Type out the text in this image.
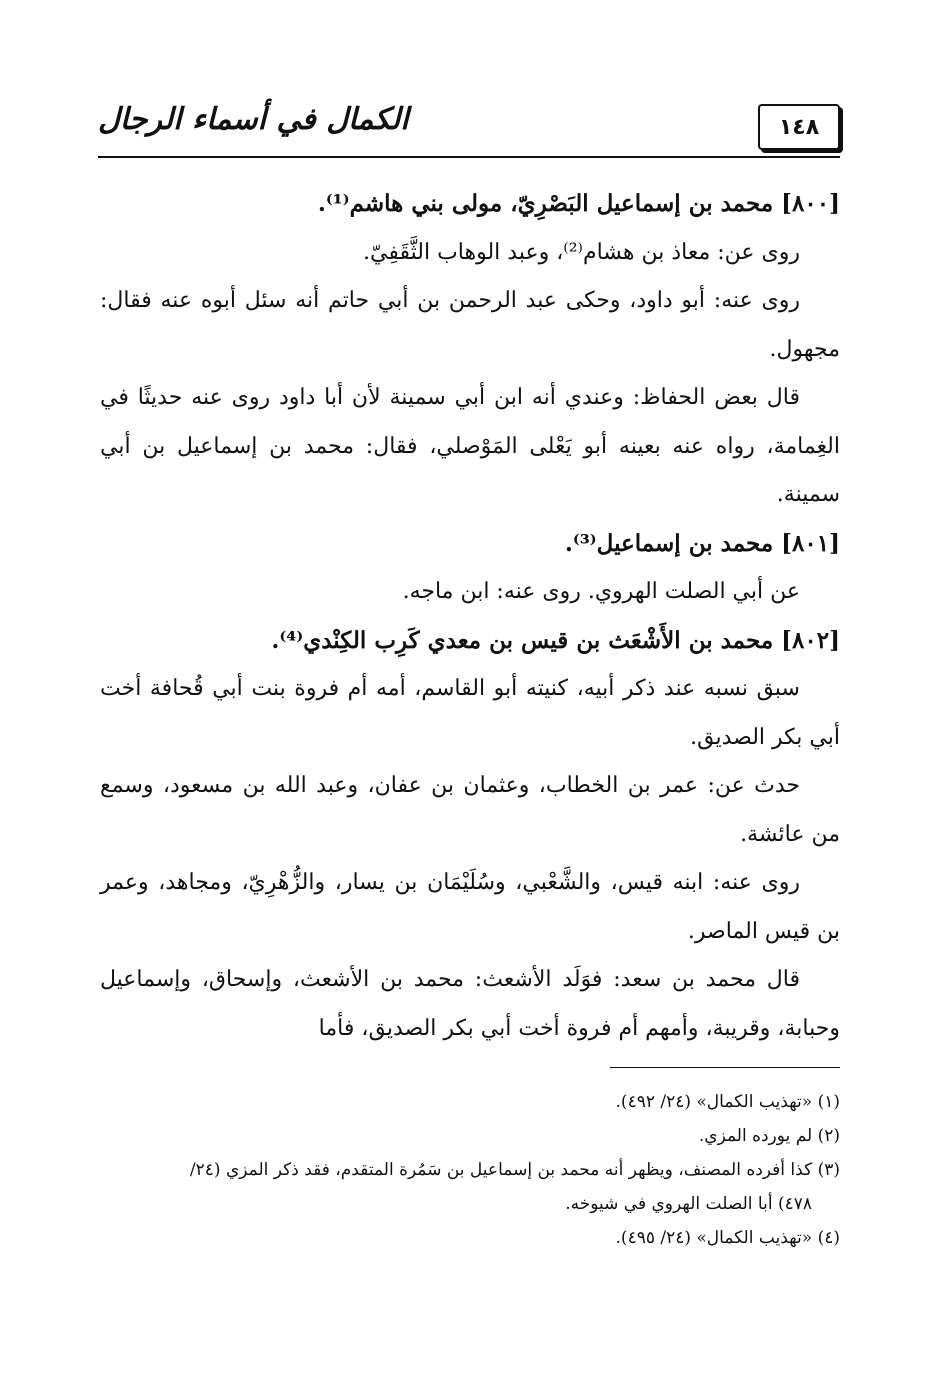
١٤٨
الكمال في أسماء الرجال

[٨٠٠] محمد بن إسماعيل البَصْرِيّ، مولى بني هاشم⁽¹⁾.

روى عن: معاذ بن هشام⁽²⁾، وعبد الوهاب الثَّقَفِيّ.

روى عنه: أبو داود، وحكى عبد الرحمن بن أبي حاتم أنه سئل أبوه عنه فقال: مجهول.

قال بعض الحفاظ: وعندي أنه ابن أبي سمينة لأن أبا داود روى عنه حديثًا في الغِمامة، رواه عنه بعينه أبو يَعْلى المَوْصلي، فقال: محمد بن إسماعيل بن أبي سمينة.

[٨٠١] محمد بن إسماعيل⁽³⁾.

عن أبي الصلت الهروي. روى عنه: ابن ماجه.

[٨٠٢] محمد بن الأَشْعَث بن قيس بن معدي كَرِب الكِنْدي⁽⁴⁾.

سبق نسبه عند ذكر أبيه، كنيته أبو القاسم، أمه أم فروة بنت أبي قُحافة أخت أبي بكر الصديق.

حدث عن: عمر بن الخطاب، وعثمان بن عفان، وعبد الله بن مسعود، وسمع من عائشة.

روى عنه: ابنه قيس، والشَّعْبي، وسُلَيْمَان بن يسار، والزُّهْرِيّ، ومجاهد، وعمر بن قيس الماصر.

قال محمد بن سعد: فوَلَد الأشعث: محمد بن الأشعث، وإسحاق، وإسماعيل وحبابة، وقريبة، وأمهم أم فروة أخت أبي بكر الصديق، فأما

(١) «تهذيب الكمال» (٢٤/ ٤٩٢).

(٢) لم يورده المزي.

(٣) كذا أفرده المصنف، ويظهر أنه محمد بن إسماعيل بن سَمُرة المتقدم، فقد ذكر المزي (٢٤/

٤٧٨) أبا الصلت الهروي في شيوخه.

(٤) «تهذيب الكمال» (٢٤/ ٤٩٥).
